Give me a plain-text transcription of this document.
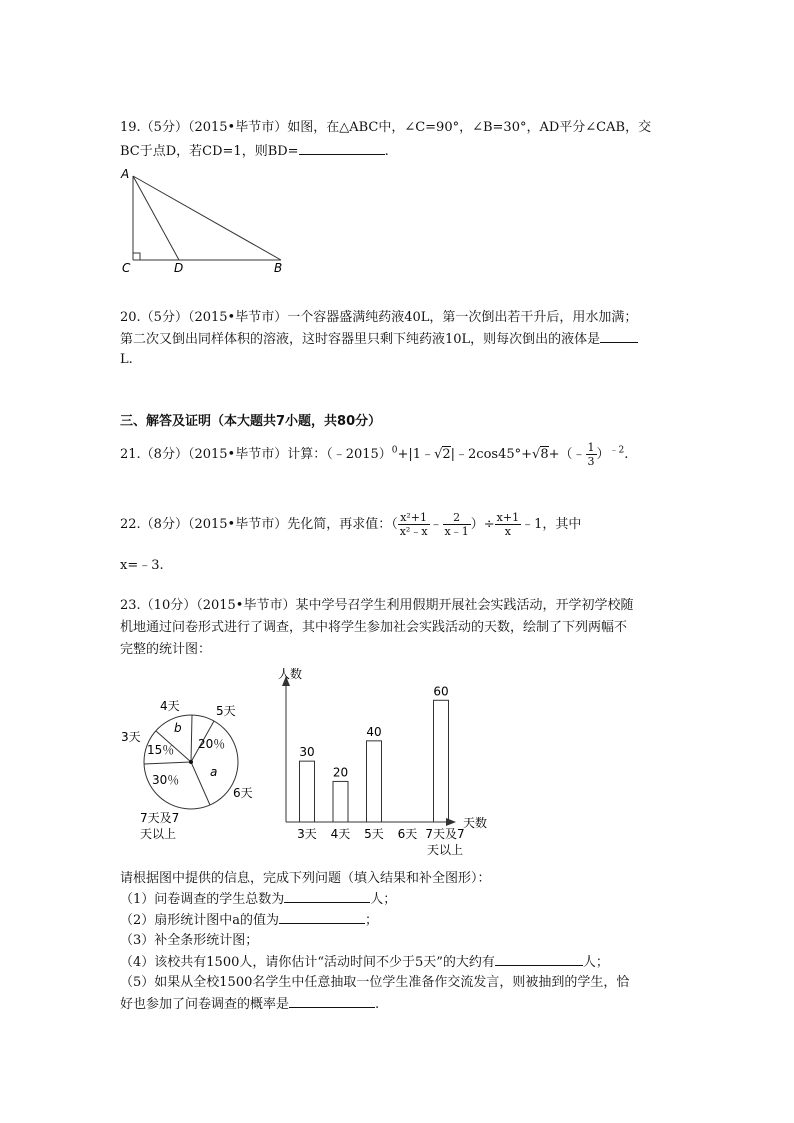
19.（5分）（2015•毕节市）如图，在△ABC中，∠C=90°，∠B=30°，AD平分∠CAB，交
BC于点D，若CD=1，则BD=	.
A
C	D	B
20.（5分）（2015•毕节市）一个容器盛满纯药液40L，第一次倒出若干升后，用水加满；
第二次又倒出同样体积的溶液，这时容器里只剩下纯药液10L，则每次倒出的液体是
L.
三、解答及证明（本大题共7小题，共80分）
21.（8分）（2015•毕节市）计算：（﹣2015）$^0$+|1﹣√2|﹣2cos45°+√8+（﹣ $\frac{1}{3} )^{﹣2}$.
22.（8分）（2015•毕节市）先化简，再求值：（ $\frac{\text{x²+1}}{\text{x²﹣x}}$ ﹣ $\frac{2}{x﹣1}$ ）÷ $\frac{x+1}{x}$ ﹣1，其中
x=﹣3.
23.（10分）（2015•毕节市）某中学号召学生利用假期开展社会实践活动，开学初学校随
机地通过问卷形式进行了调查，其中将学生参加社会实践活动的天数，绘制了下列两幅不
完整的统计图：
b
20％
15％
a
30％
4天	5天
3天
6天
7天及7
天以上
人数
天数
30
3天
20
4天
40
5天 6天
60
7天及7
天以上
请根据图中提供的信息，完成下列问题（填入结果和补全图形）：
（1）问卷调查的学生总数为	人；
（2）扇形统计图中a的值为	；
（3）补全条形统计图；
（4）该校共有1500人，请你估计“活动时间不少于5天”的大约有	人；
（5）如果从全校1500名学生中任意抽取一位学生准备作交流发言，则被抽到的学生，恰
好也参加了问卷调查的概率是	.
